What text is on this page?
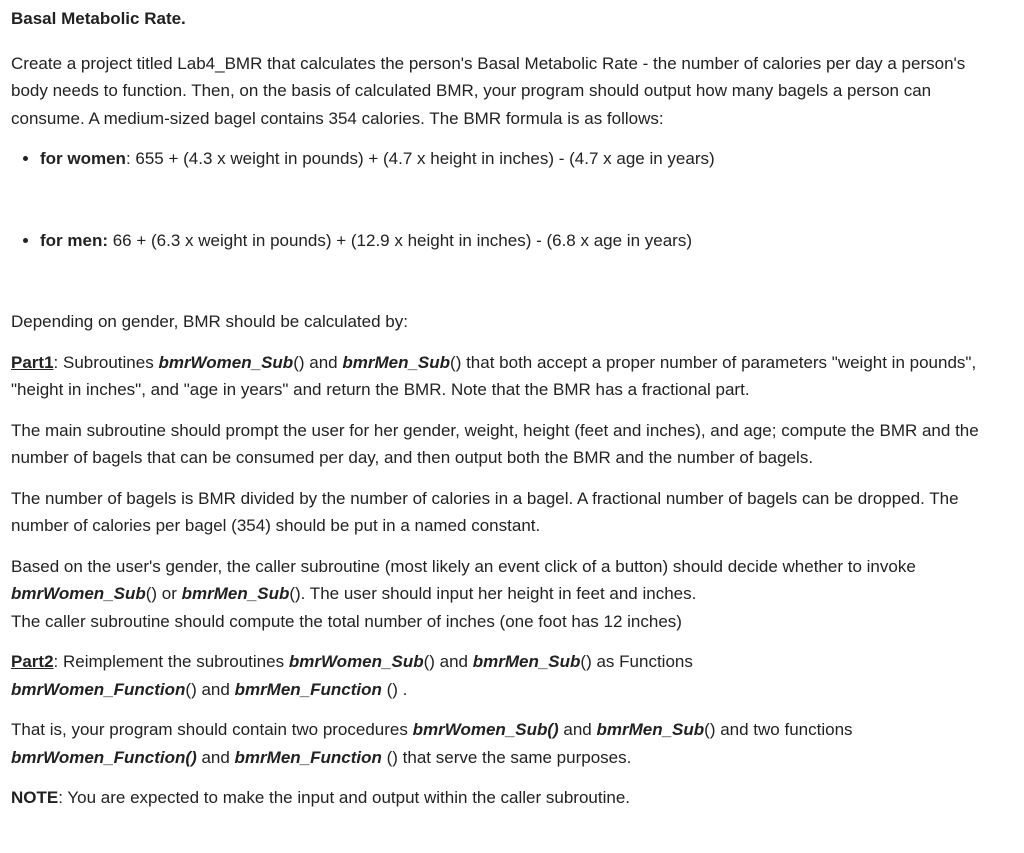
Basal Metabolic Rate.

Create a project titled Lab4_BMR that calculates the person's Basal Metabolic Rate - the number of calories per day a person's body needs to function. Then, on the basis of calculated BMR, your program should output how many bagels a person can consume. A medium-sized bagel contains 354 calories. The BMR formula is as follows:

• for women: 655 + (4.3 x weight in pounds) + (4.7 x height in inches) - (4.7 x age in years)
• for men: 66 + (6.3 x weight in pounds) + (12.9 x height in inches) - (6.8 x age in years)

Depending on gender, BMR should be calculated by:

Part1: Subroutines bmrWomen_Sub() and bmrMen_Sub() that both accept a proper number of parameters "weight in pounds", "height in inches", and "age in years" and return the BMR. Note that the BMR has a fractional part.

The main subroutine should prompt the user for her gender, weight, height (feet and inches), and age; compute the BMR and the number of bagels that can be consumed per day, and then output both the BMR and the number of bagels.

The number of bagels is BMR divided by the number of calories in a bagel. A fractional number of bagels can be dropped. The number of calories per bagel (354) should be put in a named constant.

Based on the user's gender, the caller subroutine (most likely an event click of a button) should decide whether to invoke bmrWomen_Sub() or bmrMen_Sub(). The user should input her height in feet and inches.
The caller subroutine should compute the total number of inches (one foot has 12 inches)

Part2: Reimplement the subroutines bmrWomen_Sub() and bmrMen_Sub() as Functions
bmrWomen_Function() and bmrMen_Function () .

That is, your program should contain two procedures bmrWomen_Sub() and bmrMen_Sub() and two functions
bmrWomen_Function() and bmrMen_Function () that serve the same purposes.

NOTE: You are expected to make the input and output within the caller subroutine.
